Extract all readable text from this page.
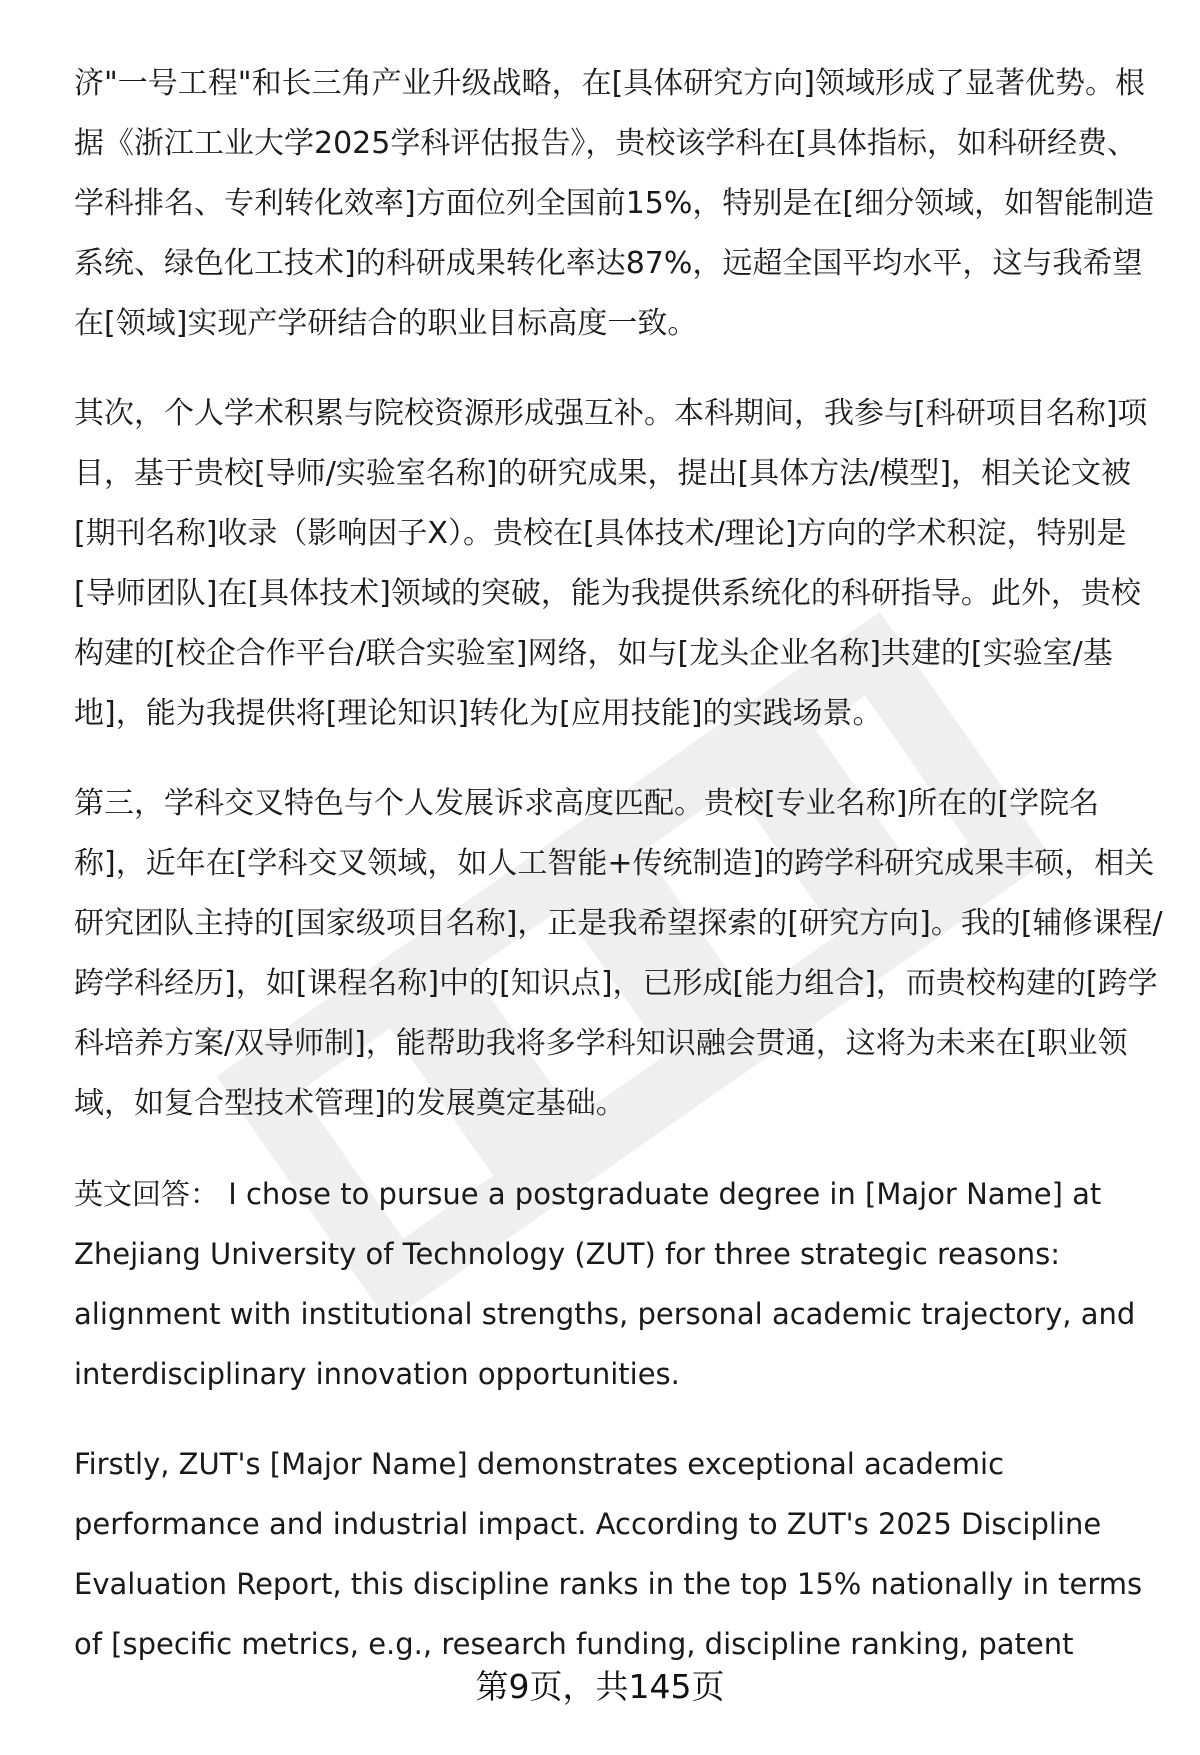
济"一号工程"和长三角产业升级战略，在[具体研究方向]领域形成了显著优势。根据《浙江工业大学2025学科评估报告》，贵校该学科在[具体指标，如科研经费、学科排名、专利转化效率]方面位列全国前15%，特别是在[细分领域，如智能制造系统、绿色化工技术]的科研成果转化率达87%，远超全国平均水平，这与我希望在[领域]实现产学研结合的职业目标高度一致。

其次，个人学术积累与院校资源形成强互补。本科期间，我参与[科研项目名称]项目，基于贵校[导师/实验室名称]的研究成果，提出[具体方法/模型]，相关论文被[期刊名称]收录（影响因子X）。贵校在[具体技术/理论]方向的学术积淀，特别是[导师团队]在[具体技术]领域的突破，能为我提供系统化的科研指导。此外，贵校构建的[校企合作平台/联合实验室]网络，如与[龙头企业名称]共建的[实验室/基地]，能为我提供将[理论知识]转化为[应用技能]的实践场景。

第三，学科交叉特色与个人发展诉求高度匹配。贵校[专业名称]所在的[学院名称]，近年在[学科交叉领域，如人工智能+传统制造]的跨学科研究成果丰硕，相关研究团队主持的[国家级项目名称]，正是我希望探索的[研究方向]。我的[辅修课程/跨学科经历]，如[课程名称]中的[知识点]，已形成[能力组合]，而贵校构建的[跨学科培养方案/双导师制]，能帮助我将多学科知识融会贯通，这将为未来在[职业领域，如复合型技术管理]的发展奠定基础。

英文回答： I chose to pursue a postgraduate degree in [Major Name] at Zhejiang University of Technology (ZUT) for three strategic reasons: alignment with institutional strengths, personal academic trajectory, and interdisciplinary innovation opportunities.

Firstly, ZUT's [Major Name] demonstrates exceptional academic performance and industrial impact. According to ZUT's 2025 Discipline Evaluation Report, this discipline ranks in the top 15% nationally in terms of [specific metrics, e.g., research funding, discipline ranking, patent

第9页，共145页
